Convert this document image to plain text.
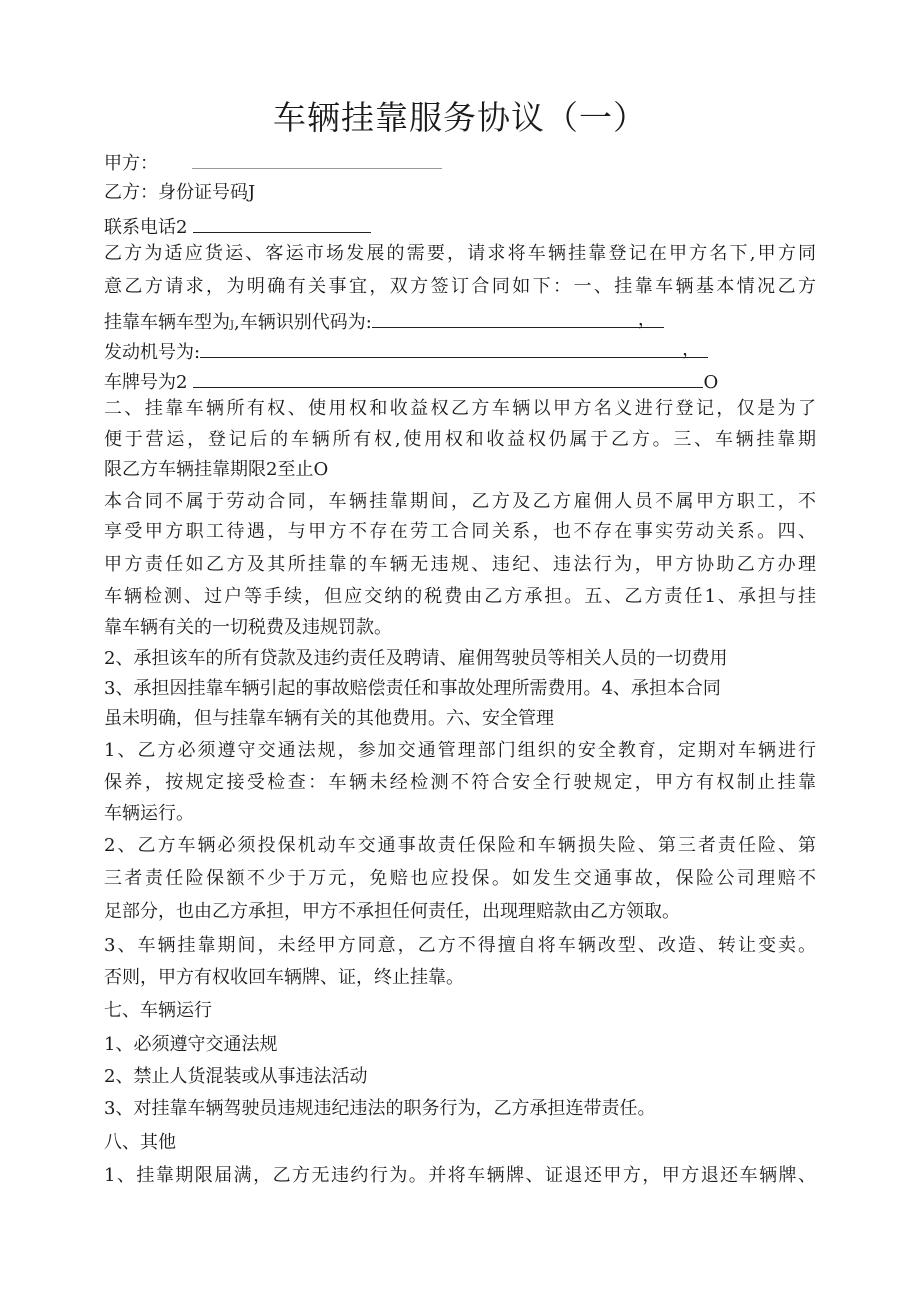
车辆挂靠服务协议（一）
甲方：
乙方：身份证号码J
联系电话2
乙方为适应货运、客运市场发展的需要，请求将车辆挂靠登记在甲方名下,甲方同
意乙方请求，为明确有关事宜，双方签订合同如下：一、挂靠车辆基本情况乙方
挂靠车辆车型为J,车辆识别代码为:	，
发动机号为:	，
车牌号为2	O
二、挂靠车辆所有权、使用权和收益权乙方车辆以甲方名义进行登记，仅是为了
便于营运，登记后的车辆所有权,使用权和收益权仍属于乙方。三、车辆挂靠期
限乙方车辆挂靠期限2至止O
本合同不属于劳动合同，车辆挂靠期间，乙方及乙方雇佣人员不属甲方职工，不
享受甲方职工待遇，与甲方不存在劳工合同关系，也不存在事实劳动关系。四、
甲方责任如乙方及其所挂靠的车辆无违规、违纪、违法行为，甲方协助乙方办理
车辆检测、过户等手续，但应交纳的税费由乙方承担。五、乙方责任1、承担与挂
靠车辆有关的一切税费及违规罚款。
2、承担该车的所有贷款及违约责任及聘请、雇佣驾驶员等相关人员的一切费用
3、承担因挂靠车辆引起的事故赔偿责任和事故处理所需费用。4、承担本合同
虽未明确，但与挂靠车辆有关的其他费用。六、安全管理
1、乙方必须遵守交通法规，参加交通管理部门组织的安全教育，定期对车辆进行
保养，按规定接受检查：车辆未经检测不符合安全行驶规定，甲方有权制止挂靠
车辆运行。
2、乙方车辆必须投保机动车交通事故责任保险和车辆损失险、第三者责任险、第
三者责任险保额不少于万元，免赔也应投保。如发生交通事故，保险公司理赔不
足部分，也由乙方承担，甲方不承担任何责任，出现理赔款由乙方领取。
3、车辆挂靠期间，未经甲方同意，乙方不得擅自将车辆改型、改造、转让变卖。
否则，甲方有权收回车辆牌、证，终止挂靠。
七、车辆运行
1、必须遵守交通法规
2、禁止人货混装或从事违法活动
3、对挂靠车辆驾驶员违规违纪违法的职务行为，乙方承担连带责任。
八、其他
1、挂靠期限届满，乙方无违约行为。并将车辆牌、证退还甲方，甲方退还车辆牌、
